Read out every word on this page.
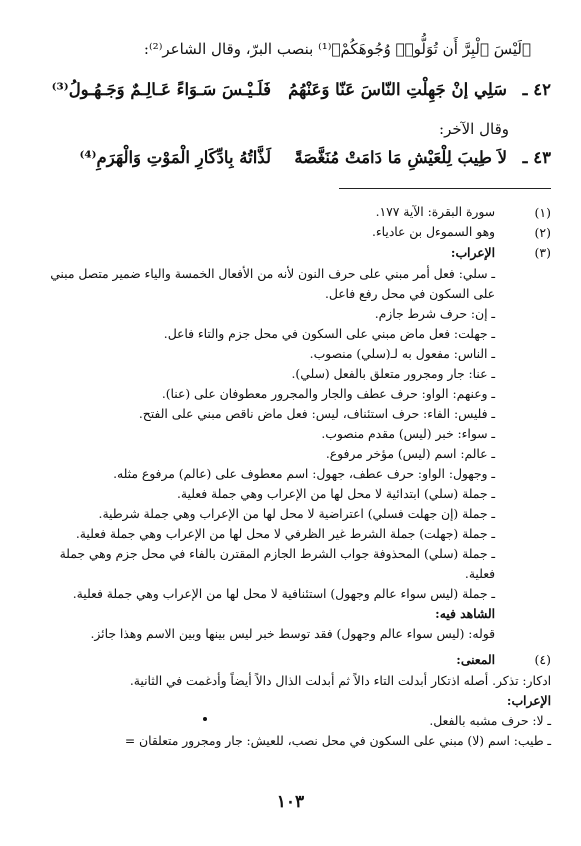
﴿لَيْسَ ٱلْبِرَّ أَن تُوَلُّوا۟ وُجُوهَكُمْ﴾⁽¹⁾ بنصب البرّ، وقال الشاعر⁽²⁾:
٤٢ ـ
سَلِي إنْ جَهِلْتِ النّاسَ عَنّا وَعَنْهُمُ
فَلَـيْـسَ سَـوَاءً عَـالِـمٌ وَجَـهُـولُ⁽³⁾
وقال الآخر:
٤٣ ـ
لاَ طِيبَ لِلْعَيْشِ مَا دَامَتْ مُنَغَّصَةً
لَذَّاتُهُ بِادِّكَارِ الْمَوْتِ وَالْهَرَمِ⁽⁴⁾
(١)
سورة البقرة: الآية ١٧٧.
(٢)
وهو السموءل بن عادياء.
(٣)
الإعراب:
ـ سلي: فعل أمر مبني على حرف النون لأنه من الأفعال الخمسة والياء ضمير متصل مبني على السكون في محل رفع فاعل.
ـ إن: حرف شرط جازم.
ـ جهلت: فعل ماض مبني على السكون في محل جزم والتاء فاعل.
ـ الناس: مفعول به لـ(سلي) منصوب.
ـ عنا: جار ومجرور متعلق بالفعل (سلي).
ـ وعنهم: الواو: حرف عطف والجار والمجرور معطوفان على (عنا).
ـ فليس: الفاء: حرف استئناف، ليس: فعل ماض ناقص مبني على الفتح.
ـ سواء: خبر (ليس) مقدم منصوب.
ـ عالم: اسم (ليس) مؤخر مرفوع.
ـ وجهول: الواو: حرف عطف، جهول: اسم معطوف على (عالم) مرفوع مثله.
ـ جملة (سلي) ابتدائية لا محل لها من الإعراب وهي جملة فعلية.
ـ جملة (إن جهلت فسلي) اعتراضية لا محل لها من الإعراب وهي جملة شرطية.
ـ جملة (جهلت) جملة الشرط غير الظرفي لا محل لها من الإعراب وهي جملة فعلية.
ـ جملة (سلي) المحذوفة جواب الشرط الجازم المقترن بالفاء في محل جزم وهي جملة فعلية.
ـ جملة (ليس سواء عالم وجهول) استئنافية لا محل لها من الإعراب وهي جملة فعلية.
الشاهد فيه:
قوله: (ليس سواء عالم وجهول) فقد توسط خبر ليس بينها وبين الاسم وهذا جائز.
(٤)
المعنى:
ادكار: تذكر. أصله اذتكار أبدلت التاء دالاً ثم أبدلت الذال دالاً أيضاً وأدغمت في الثانية.
الإعراب:
ـ لا: حرف مشبه بالفعل.
ـ طيب: اسم (لا) مبني على السكون في محل نصب، للعيش: جار ومجرور متعلقان =
١٠٣
